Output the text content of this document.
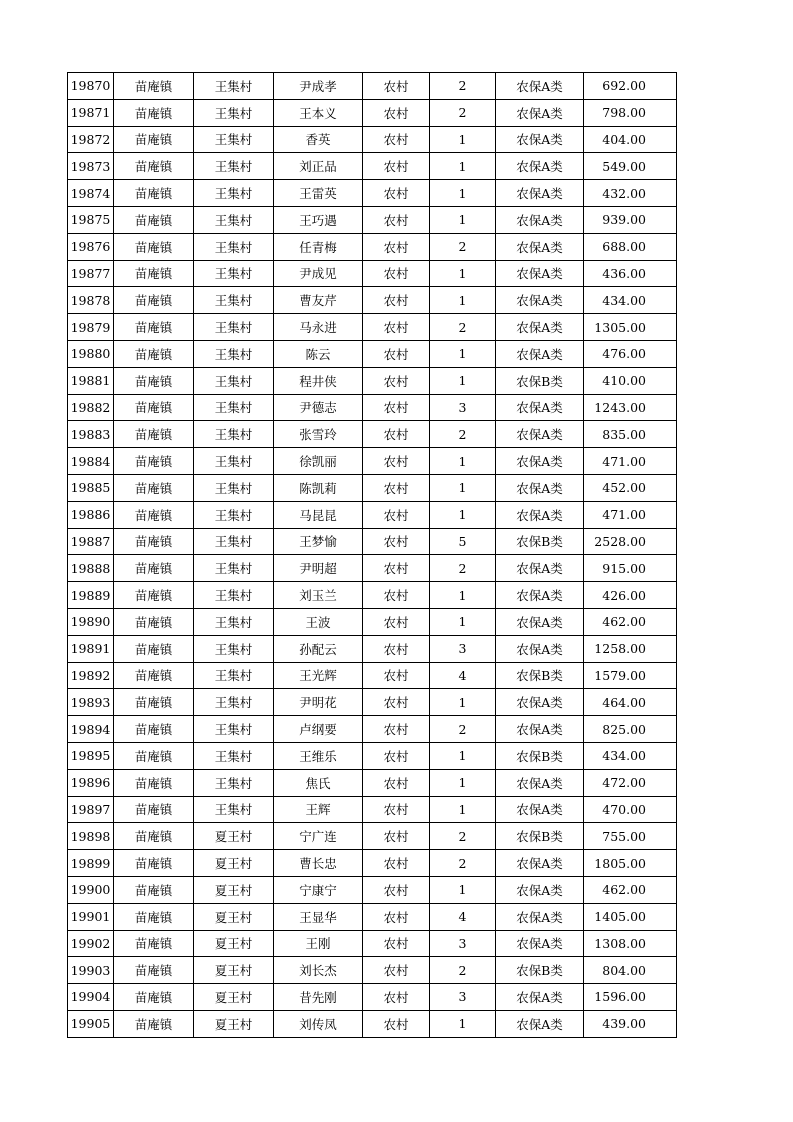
19870	苗庵镇	王集村	尹成孝	农村	2	农保A类	692.00
19871	苗庵镇	王集村	王本义	农村	2	农保A类	798.00
19872	苗庵镇	王集村	香英	农村	1	农保A类	404.00
19873	苗庵镇	王集村	刘正品	农村	1	农保A类	549.00
19874	苗庵镇	王集村	王雷英	农村	1	农保A类	432.00
19875	苗庵镇	王集村	王巧遇	农村	1	农保A类	939.00
19876	苗庵镇	王集村	任青梅	农村	2	农保A类	688.00
19877	苗庵镇	王集村	尹成见	农村	1	农保A类	436.00
19878	苗庵镇	王集村	曹友芹	农村	1	农保A类	434.00
19879	苗庵镇	王集村	马永进	农村	2	农保A类	1305.00
19880	苗庵镇	王集村	陈云	农村	1	农保A类	476.00
19881	苗庵镇	王集村	程井侠	农村	1	农保B类	410.00
19882	苗庵镇	王集村	尹德志	农村	3	农保A类	1243.00
19883	苗庵镇	王集村	张雪玲	农村	2	农保A类	835.00
19884	苗庵镇	王集村	徐凯丽	农村	1	农保A类	471.00
19885	苗庵镇	王集村	陈凯莉	农村	1	农保A类	452.00
19886	苗庵镇	王集村	马昆昆	农村	1	农保A类	471.00
19887	苗庵镇	王集村	王梦愉	农村	5	农保B类	2528.00
19888	苗庵镇	王集村	尹明超	农村	2	农保A类	915.00
19889	苗庵镇	王集村	刘玉兰	农村	1	农保A类	426.00
19890	苗庵镇	王集村	王波	农村	1	农保A类	462.00
19891	苗庵镇	王集村	孙配云	农村	3	农保A类	1258.00
19892	苗庵镇	王集村	王光辉	农村	4	农保B类	1579.00
19893	苗庵镇	王集村	尹明花	农村	1	农保A类	464.00
19894	苗庵镇	王集村	卢纲要	农村	2	农保A类	825.00
19895	苗庵镇	王集村	王维乐	农村	1	农保B类	434.00
19896	苗庵镇	王集村	焦氏	农村	1	农保A类	472.00
19897	苗庵镇	王集村	王辉	农村	1	农保A类	470.00
19898	苗庵镇	夏王村	宁广连	农村	2	农保B类	755.00
19899	苗庵镇	夏王村	曹长忠	农村	2	农保A类	1805.00
19900	苗庵镇	夏王村	宁康宁	农村	1	农保A类	462.00
19901	苗庵镇	夏王村	王显华	农村	4	农保A类	1405.00
19902	苗庵镇	夏王村	王刚	农村	3	农保A类	1308.00
19903	苗庵镇	夏王村	刘长杰	农村	2	农保B类	804.00
19904	苗庵镇	夏王村	昔先刚	农村	3	农保A类	1596.00
19905	苗庵镇	夏王村	刘传凤	农村	1	农保A类	439.00
